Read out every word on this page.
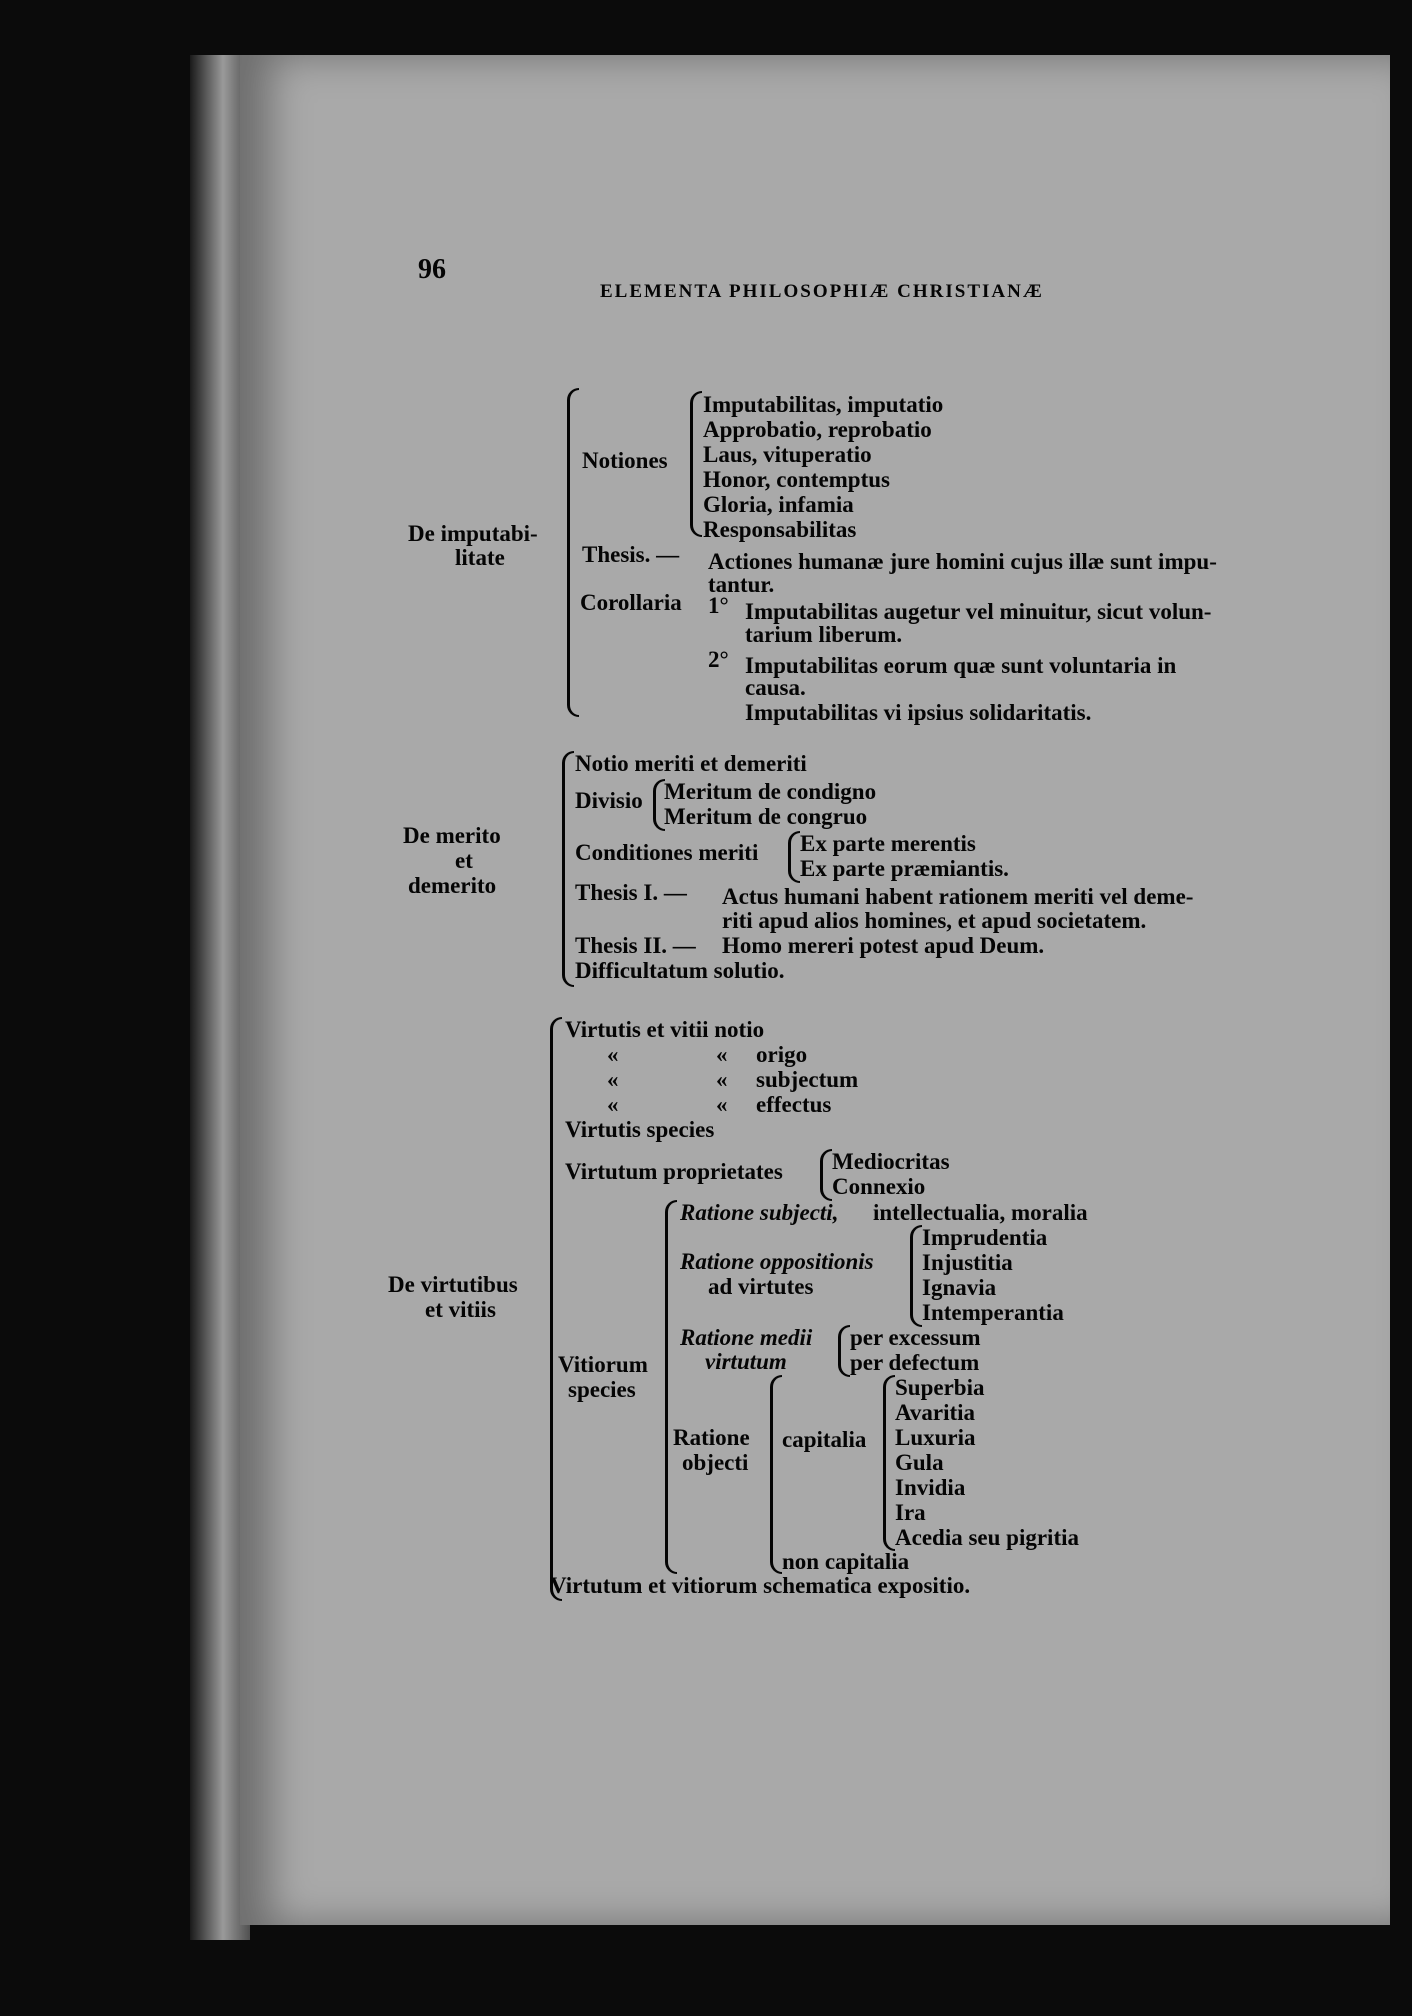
96
ELEMENTA PHILOSOPHIÆ CHRISTIANÆ
De imputabi-
litate
Notiones
Imputabilitas, imputatio
Approbatio, reprobatio
Laus, vituperatio
Honor, contemptus
Gloria, infamia
Responsabilitas
Thesis. — Actiones humanæ jure homini cujus illæ sunt impu-
tantur.
Corollaria 1° Imputabilitas augetur vel minuitur, sicut volun-
tarium liberum.
2° Imputabilitas eorum quæ sunt voluntaria in
causa.
Imputabilitas vi ipsius solidaritatis.
De merito
et
demerito
Notio meriti et demeriti
Divisio Meritum de condigno
Meritum de congruo
Conditiones meriti Ex parte merentis
Ex parte præmiantis.
Thesis I. — Actus humani habent rationem meriti vel deme-
riti apud alios homines, et apud societatem.
Thesis II. — Homo mereri potest apud Deum.
Difficultatum solutio.
De virtutibus
et vitiis
Virtutis et vitii notio
«	« origo
«	« subjectum
«	« effectus
Virtutis species
Virtutum proprietates Mediocritas
Connexio
Vitiorum
species
Ratione subjecti, intellectualia, moralia
Ratione oppositionis
ad virtutes
Imprudentia
Injustitia
Ignavia
Intemperantia
Ratione medii
virtutum
per excessum
per defectum
Ratione
objecti
capitalia
Superbia
Avaritia
Luxuria
Gula
Invidia
Ira
Acedia seu pigritia
non capitalia
Virtutum et vitiorum schematica expositio.
